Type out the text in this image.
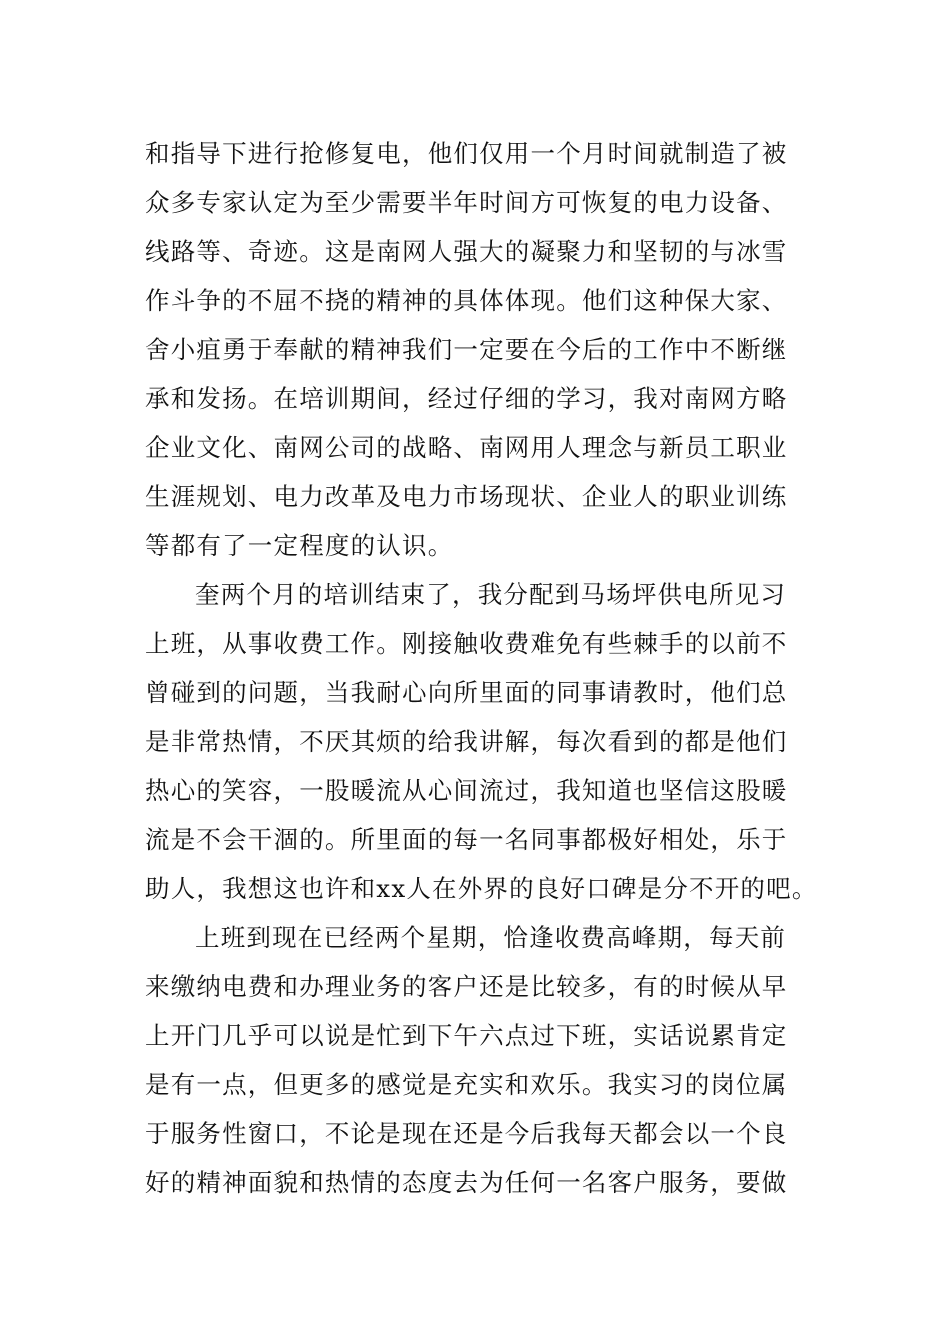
和指导下进行抢修复电，他们仅用一个月时间就制造了被
众多专家认定为至少需要半年时间方可恢复的电力设备、
线路等、奇迹。这是南网人强大的凝聚力和坚韧的与冰雪
作斗争的不屈不挠的精神的具体体现。他们这种保大家、
舍小疽勇于奉献的精神我们一定要在今后的工作中不断继
承和发扬。在培训期间，经过仔细的学习，我对南网方略
企业文化、南网公司的战略、南网用人理念与新员工职业
生涯规划、电力改革及电力市场现状、企业人的职业训练
等都有了一定程度的认识。
奎两个月的培训结束了，我分配到马场坪供电所见习
上班，从事收费工作。刚接触收费难免有些棘手的以前不
曾碰到的问题，当我耐心向所里面的同事请教时，他们总
是非常热情，不厌其烦的给我讲解，每次看到的都是他们
热心的笑容，一股暖流从心间流过，我知道也坚信这股暖
流是不会干涸的。所里面的每一名同事都极好相处，乐于
助人，我想这也许和xx人在外界的良好口碑是分不开的吧。
上班到现在已经两个星期，恰逢收费高峰期，每天前
来缴纳电费和办理业务的客户还是比较多，有的时候从早
上开门几乎可以说是忙到下午六点过下班，实话说累肯定
是有一点，但更多的感觉是充实和欢乐。我实习的岗位属
于服务性窗口，不论是现在还是今后我每天都会以一个良
好的精神面貌和热情的态度去为任何一名客户服务，要做
